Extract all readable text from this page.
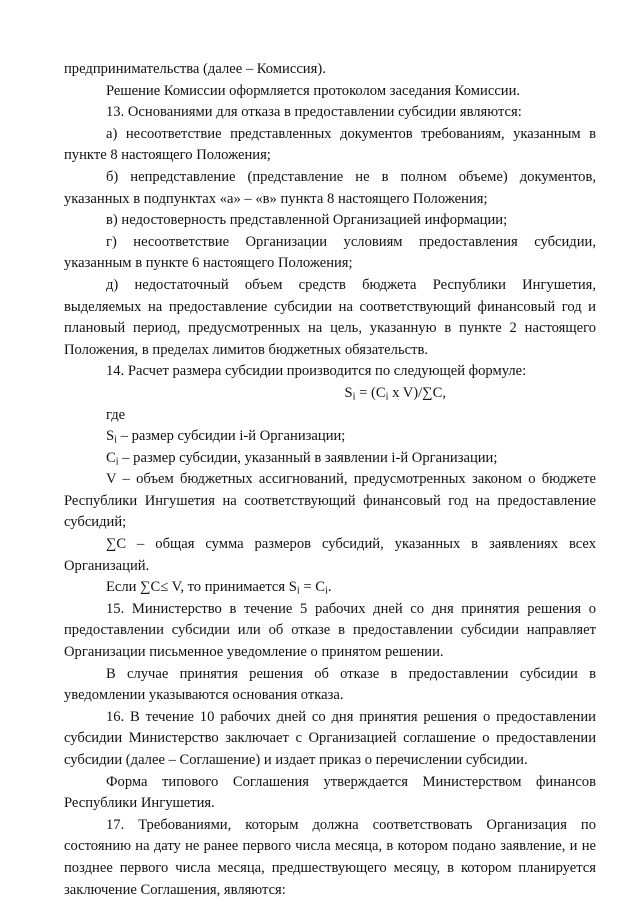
предпринимательства (далее – Комиссия).

Решение Комиссии оформляется протоколом заседания Комиссии.

13. Основаниями для отказа в предоставлении субсидии являются:

а) несоответствие представленных документов требованиям, указанным в пункте 8 настоящего Положения;

б) непредставление (представление не в полном объеме) документов, указанных в подпунктах «а» – «в» пункта 8 настоящего Положения;

в) недостоверность представленной Организацией информации;

г) несоответствие Организации условиям предоставления субсидии, указанным в пункте 6 настоящего Положения;

д) недостаточный объем средств бюджета Республики Ингушетия, выделяемых на предоставление субсидии на соответствующий финансовый год и плановый период, предусмотренных на цель, указанную в пункте 2 настоящего Положения, в пределах лимитов бюджетных обязательств.

14. Расчет размера субсидии производится по следующей формуле:

$S_i = (C_i$ x V)/∑C,

где

$S_i$ – размер субсидии i-й Организации;

$C_i$ – размер субсидии, указанный в заявлении i-й Организации;

V – объем бюджетных ассигнований, предусмотренных законом о бюджете Республики Ингушетия на соответствующий финансовый год на предоставление субсидий;

∑C – общая сумма размеров субсидий, указанных в заявлениях всех Организаций.

Если ∑C≤ V, то принимается $S_i = C_i$.

15. Министерство в течение 5 рабочих дней со дня принятия решения о предоставлении субсидии или об отказе в предоставлении субсидии направляет Организации письменное уведомление о принятом решении.

В случае принятия решения об отказе в предоставлении субсидии в уведомлении указываются основания отказа.

16. В течение 10 рабочих дней со дня принятия решения о предоставлении субсидии Министерство заключает с Организацией соглашение о предоставлении субсидии (далее – Соглашение) и издает приказ о перечислении субсидии.

Форма типового Соглашения утверждается Министерством финансов Республики Ингушетия.

17. Требованиями, которым должна соответствовать Организация по состоянию на дату не ранее первого числа месяца, в котором подано заявление, и не позднее первого числа месяца, предшествующего месяцу, в котором планируется заключение Соглашения, являются:
